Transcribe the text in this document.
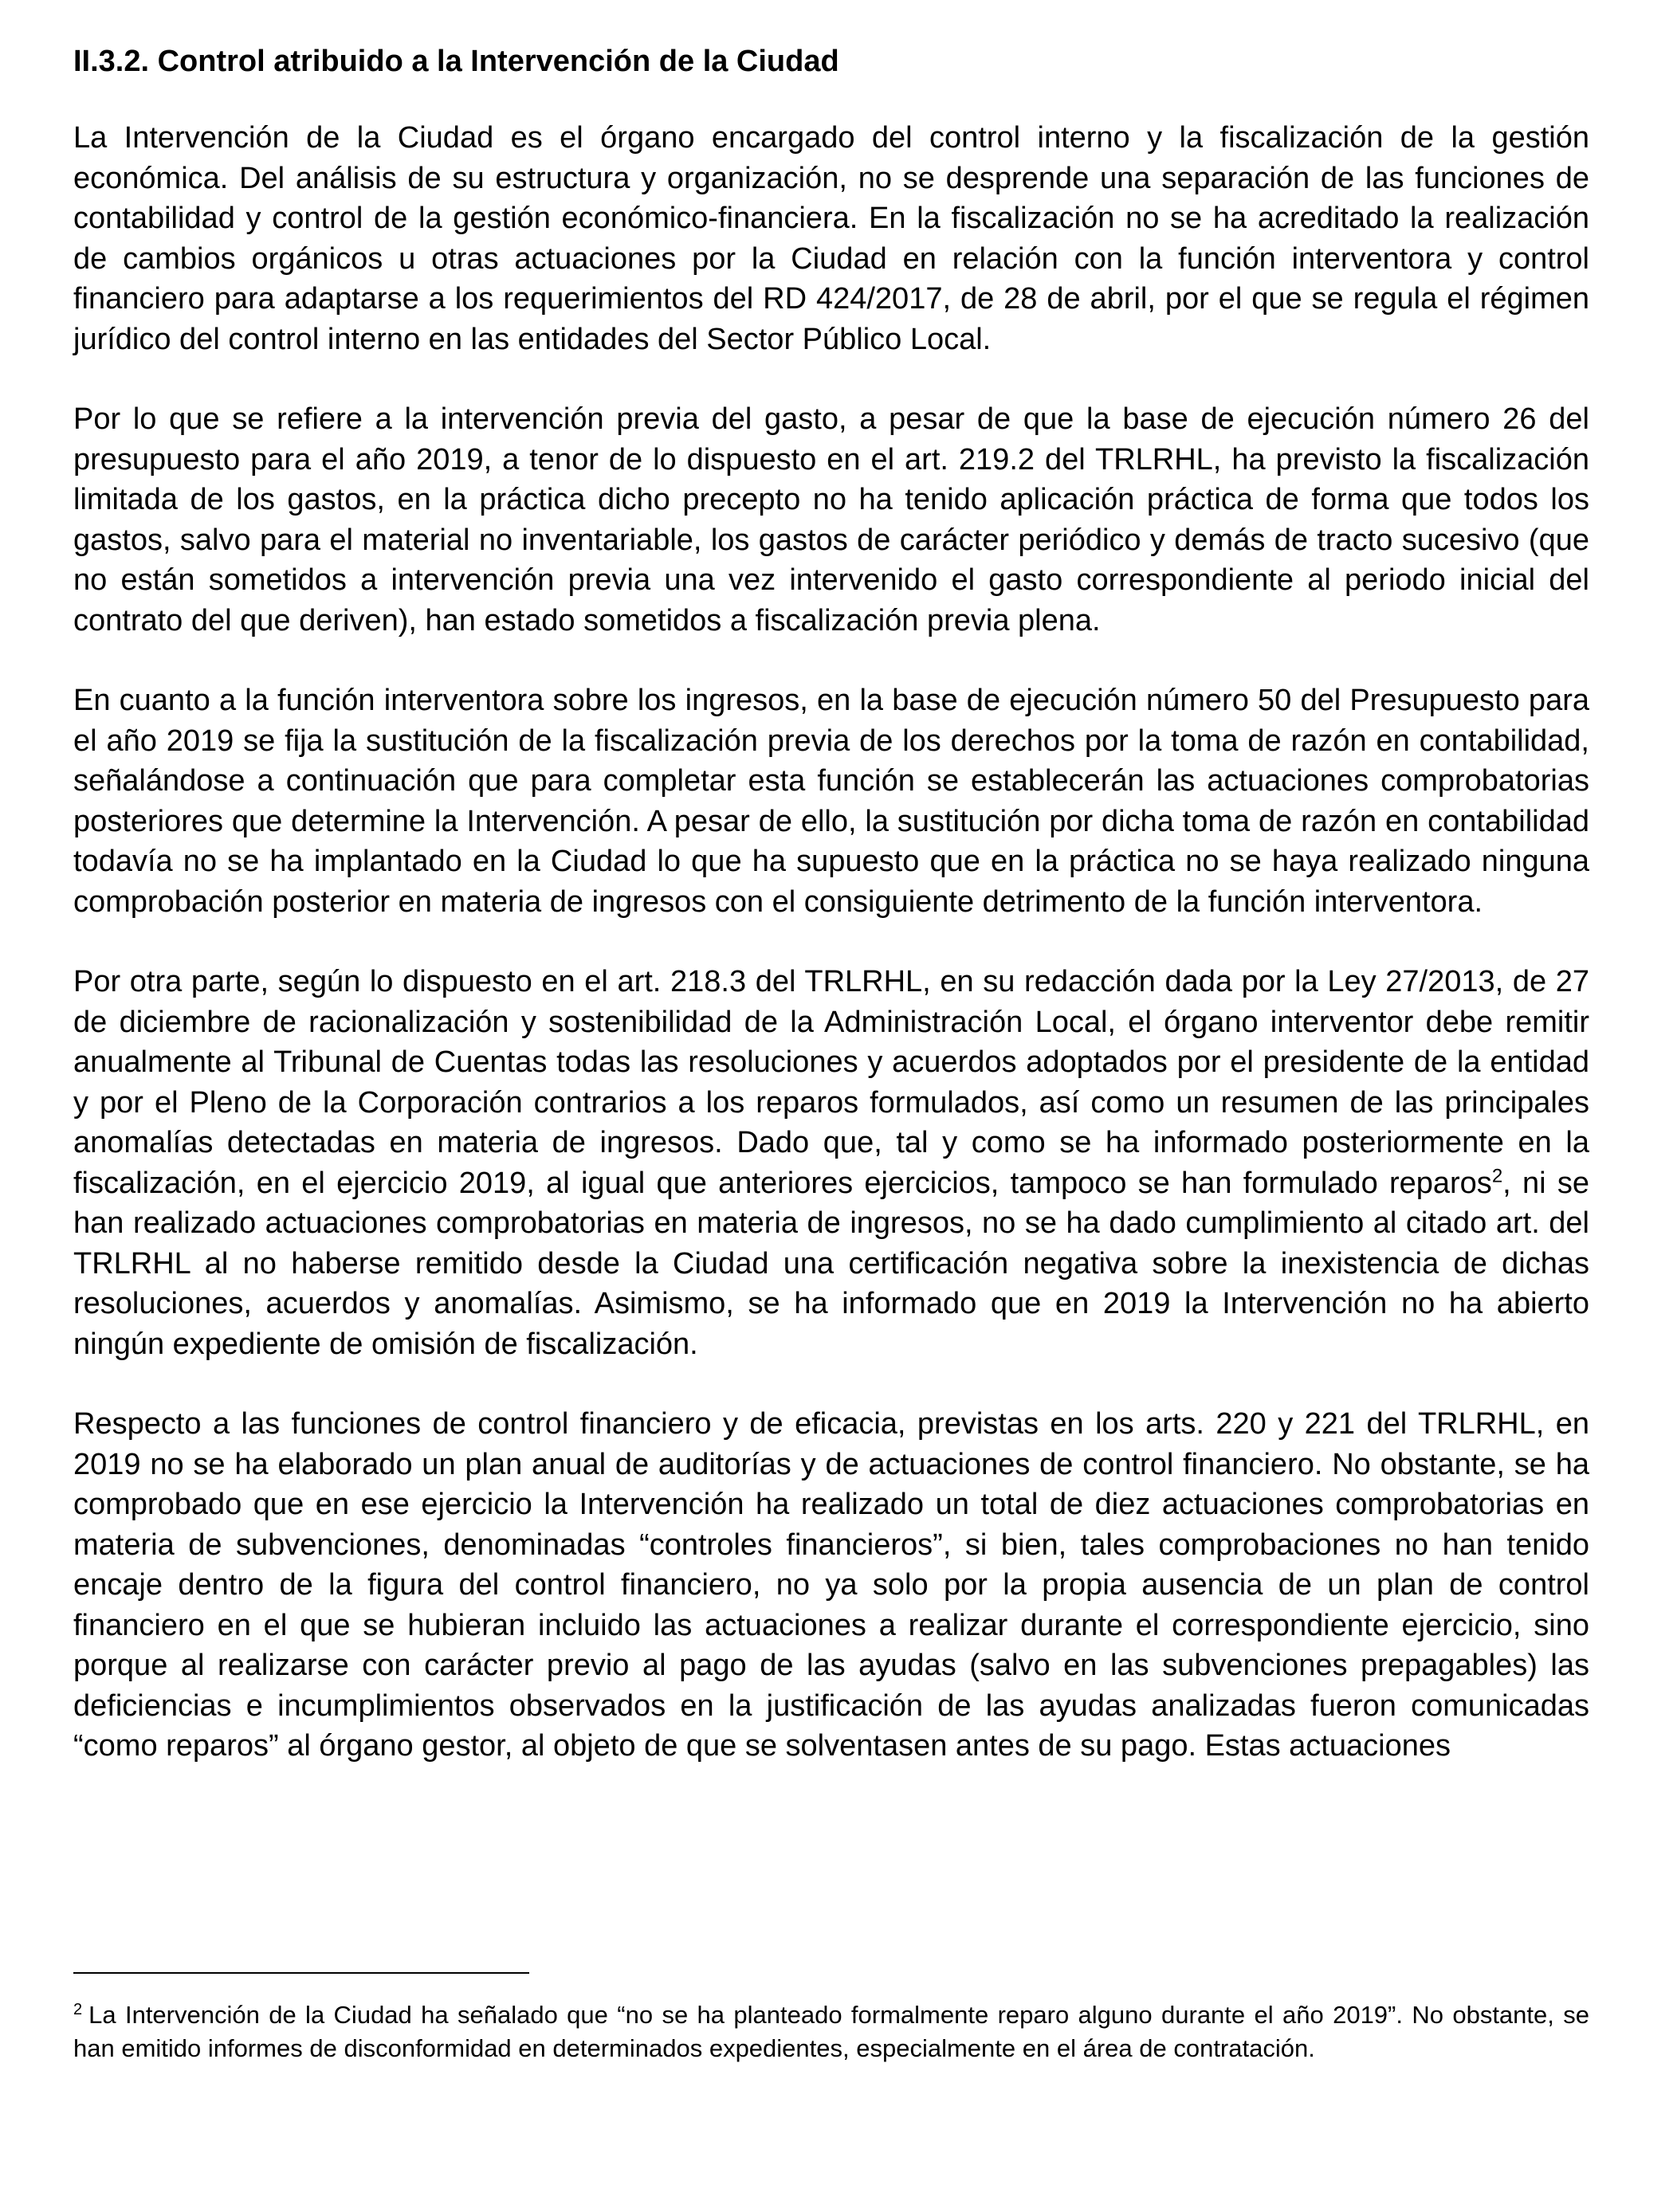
II.3.2. Control atribuido a la Intervención de la Ciudad

La Intervención de la Ciudad es el órgano encargado del control interno y la fiscalización de la gestión económica. Del análisis de su estructura y organización, no se desprende una separación de las funciones de contabilidad y control de la gestión económico-financiera. En la fiscalización no se ha acreditado la realización de cambios orgánicos u otras actuaciones por la Ciudad en relación con la función interventora y control financiero para adaptarse a los requerimientos del RD 424/2017, de 28 de abril, por el que se regula el régimen jurídico del control interno en las entidades del Sector Público Local.

Por lo que se refiere a la intervención previa del gasto, a pesar de que la base de ejecución número 26 del presupuesto para el año 2019, a tenor de lo dispuesto en el art. 219.2 del TRLRHL, ha previsto la fiscalización limitada de los gastos, en la práctica dicho precepto no ha tenido aplicación práctica de forma que todos los gastos, salvo para el material no inventariable, los gastos de carácter periódico y demás de tracto sucesivo (que no están sometidos a intervención previa una vez intervenido el gasto correspondiente al periodo inicial del contrato del que deriven), han estado sometidos a fiscalización previa plena.

En cuanto a la función interventora sobre los ingresos, en la base de ejecución número 50 del Presupuesto para el año 2019 se fija la sustitución de la fiscalización previa de los derechos por la toma de razón en contabilidad, señalándose a continuación que para completar esta función se establecerán las actuaciones comprobatorias posteriores que determine la Intervención. A pesar de ello, la sustitución por dicha toma de razón en contabilidad todavía no se ha implantado en la Ciudad lo que ha supuesto que en la práctica no se haya realizado ninguna comprobación posterior en materia de ingresos con el consiguiente detrimento de la función interventora.

Por otra parte, según lo dispuesto en el art. 218.3 del TRLRHL, en su redacción dada por la Ley 27/2013, de 27 de diciembre de racionalización y sostenibilidad de la Administración Local, el órgano interventor debe remitir anualmente al Tribunal de Cuentas todas las resoluciones y acuerdos adoptados por el presidente de la entidad y por el Pleno de la Corporación contrarios a los reparos formulados, así como un resumen de las principales anomalías detectadas en materia de ingresos. Dado que, tal y como se ha informado posteriormente en la fiscalización, en el ejercicio 2019, al igual que anteriores ejercicios, tampoco se han formulado reparos$^2$, ni se han realizado actuaciones comprobatorias en materia de ingresos, no se ha dado cumplimiento al citado art. del TRLRHL al no haberse remitido desde la Ciudad una certificación negativa sobre la inexistencia de dichas resoluciones, acuerdos y anomalías. Asimismo, se ha informado que en 2019 la Intervención no ha abierto ningún expediente de omisión de fiscalización.

Respecto a las funciones de control financiero y de eficacia, previstas en los arts. 220 y 221 del TRLRHL, en 2019 no se ha elaborado un plan anual de auditorías y de actuaciones de control financiero. No obstante, se ha comprobado que en ese ejercicio la Intervención ha realizado un total de diez actuaciones comprobatorias en materia de subvenciones, denominadas “controles financieros”, si bien, tales comprobaciones no han tenido encaje dentro de la figura del control financiero, no ya solo por la propia ausencia de un plan de control financiero en el que se hubieran incluido las actuaciones a realizar durante el correspondiente ejercicio, sino porque al realizarse con carácter previo al pago de las ayudas (salvo en las subvenciones prepagables) las deficiencias e incumplimientos observados en la justificación de las ayudas analizadas fueron comunicadas “como reparos” al órgano gestor, al objeto de que se solventasen antes de su pago. Estas actuaciones

$^2$ La Intervención de la Ciudad ha señalado que “no se ha planteado formalmente reparo alguno durante el año 2019”. No obstante, se han emitido informes de disconformidad en determinados expedientes, especialmente en el área de contratación.
